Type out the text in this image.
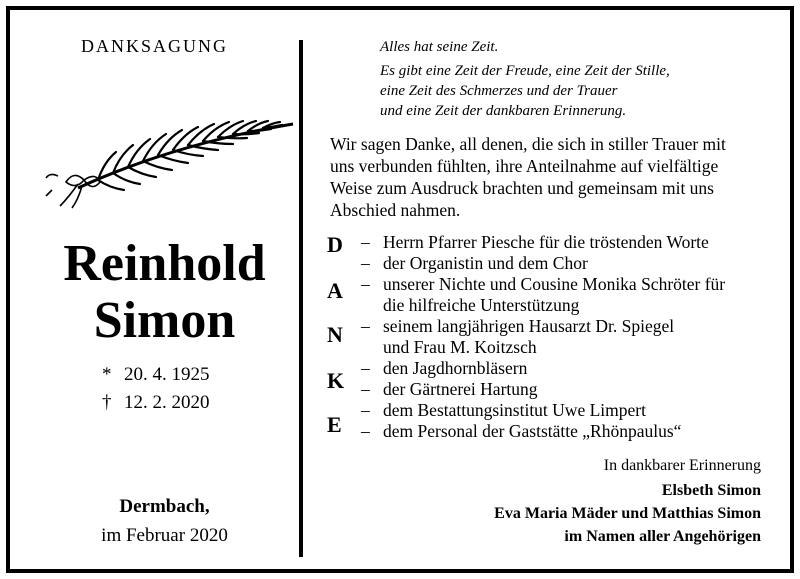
DANKSAGUNG
Reinhold
Simon
* 20. 4. 1925
† 12. 2. 2020
Dermbach,
im Februar 2020
Alles hat seine Zeit.
Es gibt eine Zeit der Freude, eine Zeit der Stille,
eine Zeit des Schmerzes und der Trauer
und eine Zeit der dankbaren Erinnerung.
Wir sagen Danke, all denen, die sich in stiller Trauer mit
uns verbunden fühlten, ihre Anteilnahme auf vielfältige
Weise zum Ausdruck brachten und gemeinsam mit uns
Abschied nahmen.
D
A
N
K
E
– Herrn Pfarrer Piesche für die tröstenden Worte
– der Organistin und dem Chor
– unserer Nichte und Cousine Monika Schröter für
die hilfreiche Unterstützung
– seinem langjährigen Hausarzt Dr. Spiegel
und Frau M. Koitzsch
– den Jagdhornbläsern
– der Gärtnerei Hartung
– dem Bestattungsinstitut Uwe Limpert
– dem Personal der Gaststätte „Rhönpaulus“
In dankbarer Erinnerung
Elsbeth Simon
Eva Maria Mäder und Matthias Simon
im Namen aller Angehörigen
